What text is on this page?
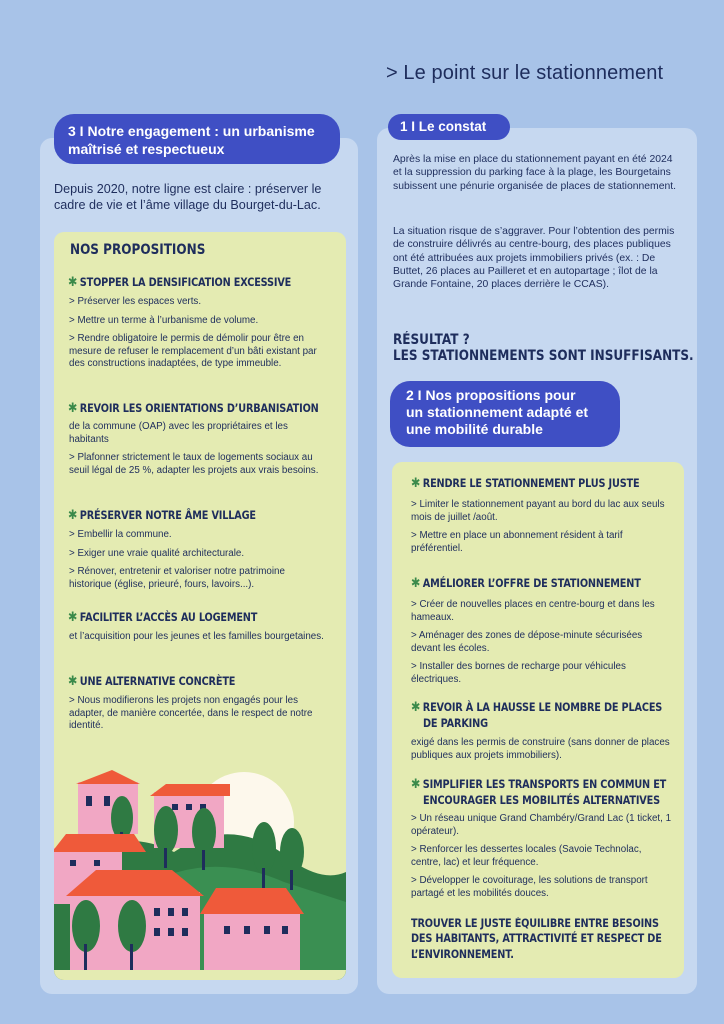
> Le point sur le stationnement
3 I Notre engagement : un urbanisme
maîtrisé et respectueux
Depuis 2020, notre ligne est claire : préserver le
cadre de vie et l’âme village du Bourget-du-Lac.
NOS PROPOSITIONS
✱ STOPPER LA DENSIFICATION EXCESSIVE

> Préserver les espaces verts.

> Mettre un terme à l’urbanisme de volume.

> Rendre obligatoire le permis de démolir pour être en mesure de refuser le remplacement d’un bâti existant par des constructions inadaptées, de type immeuble.

✱ REVOIR LES ORIENTATIONS D’URBANISATION

de la commune (OAP) avec les propriétaires et les habitants

> Plafonner strictement le taux de logements sociaux au seuil légal de 25 %, adapter les projets aux vrais besoins.

✱ PRÉSERVER NOTRE ÂME VILLAGE

> Embellir la commune.

> Exiger une vraie qualité architecturale.

> Rénover, entretenir et valoriser notre patrimoine historique (église, prieuré, fours, lavoirs...).

✱ FACILITER L’ACCÈS AU LOGEMENT

et l’acquisition pour les jeunes et les familles bourgetaines.

✱ UNE ALTERNATIVE CONCRÈTE

> Nous modifierons les projets non engagés pour les adapter, de manière concertée, dans le respect de notre identité.

1 I Le constat
Après la mise en place du stationnement payant en été 2024 et la suppression du parking face à la plage, les Bourgetains subissent une pénurie organisée de places de stationnement.
La situation risque de s’aggraver. Pour l’obtention des permis de construire délivrés au centre-bourg, des places publiques ont été attribuées aux projets immobiliers privés (ex. : De Buttet, 26 places au Pailleret et en autopartage ; îlot de la Grande Fontaine, 20 places derrière le CCAS).
RÉSULTAT ?
LES STATIONNEMENTS SONT INSUFFISANTS.
2 I Nos propositions pour
un stationnement adapté et
une mobilité durable
✱ RENDRE LE STATIONNEMENT PLUS JUSTE

> Limiter le stationnement payant au bord du lac aux seuls mois de juillet /août.

> Mettre en place un abonnement résident à tarif préférentiel.

✱ AMÉLIORER L’OFFRE DE STATIONNEMENT

> Créer de nouvelles places en centre-bourg et dans les hameaux.

> Aménager des zones de dépose-minute sécurisées devant les écoles.

> Installer des bornes de recharge pour véhicules électriques.

✱ REVOIR À LA HAUSSE LE NOMBRE DE PLACES
DE PARKING

exigé dans les permis de construire (sans donner de places publiques aux projets immobiliers).

✱ SIMPLIFIER LES TRANSPORTS EN COMMUN ET
ENCOURAGER LES MOBILITÉS ALTERNATIVES

> Un réseau unique Grand Chambéry/Grand Lac (1 ticket, 1 opérateur).

> Renforcer les dessertes locales (Savoie Technolac, centre, lac) et leur fréquence.

> Développer le covoiturage, les solutions de transport partagé et les mobilités douces.

TROUVER LE JUSTE ÉQUILIBRE ENTRE BESOINS
DES HABITANTS, ATTRACTIVITÉ ET RESPECT DE
L’ENVIRONNEMENT.
